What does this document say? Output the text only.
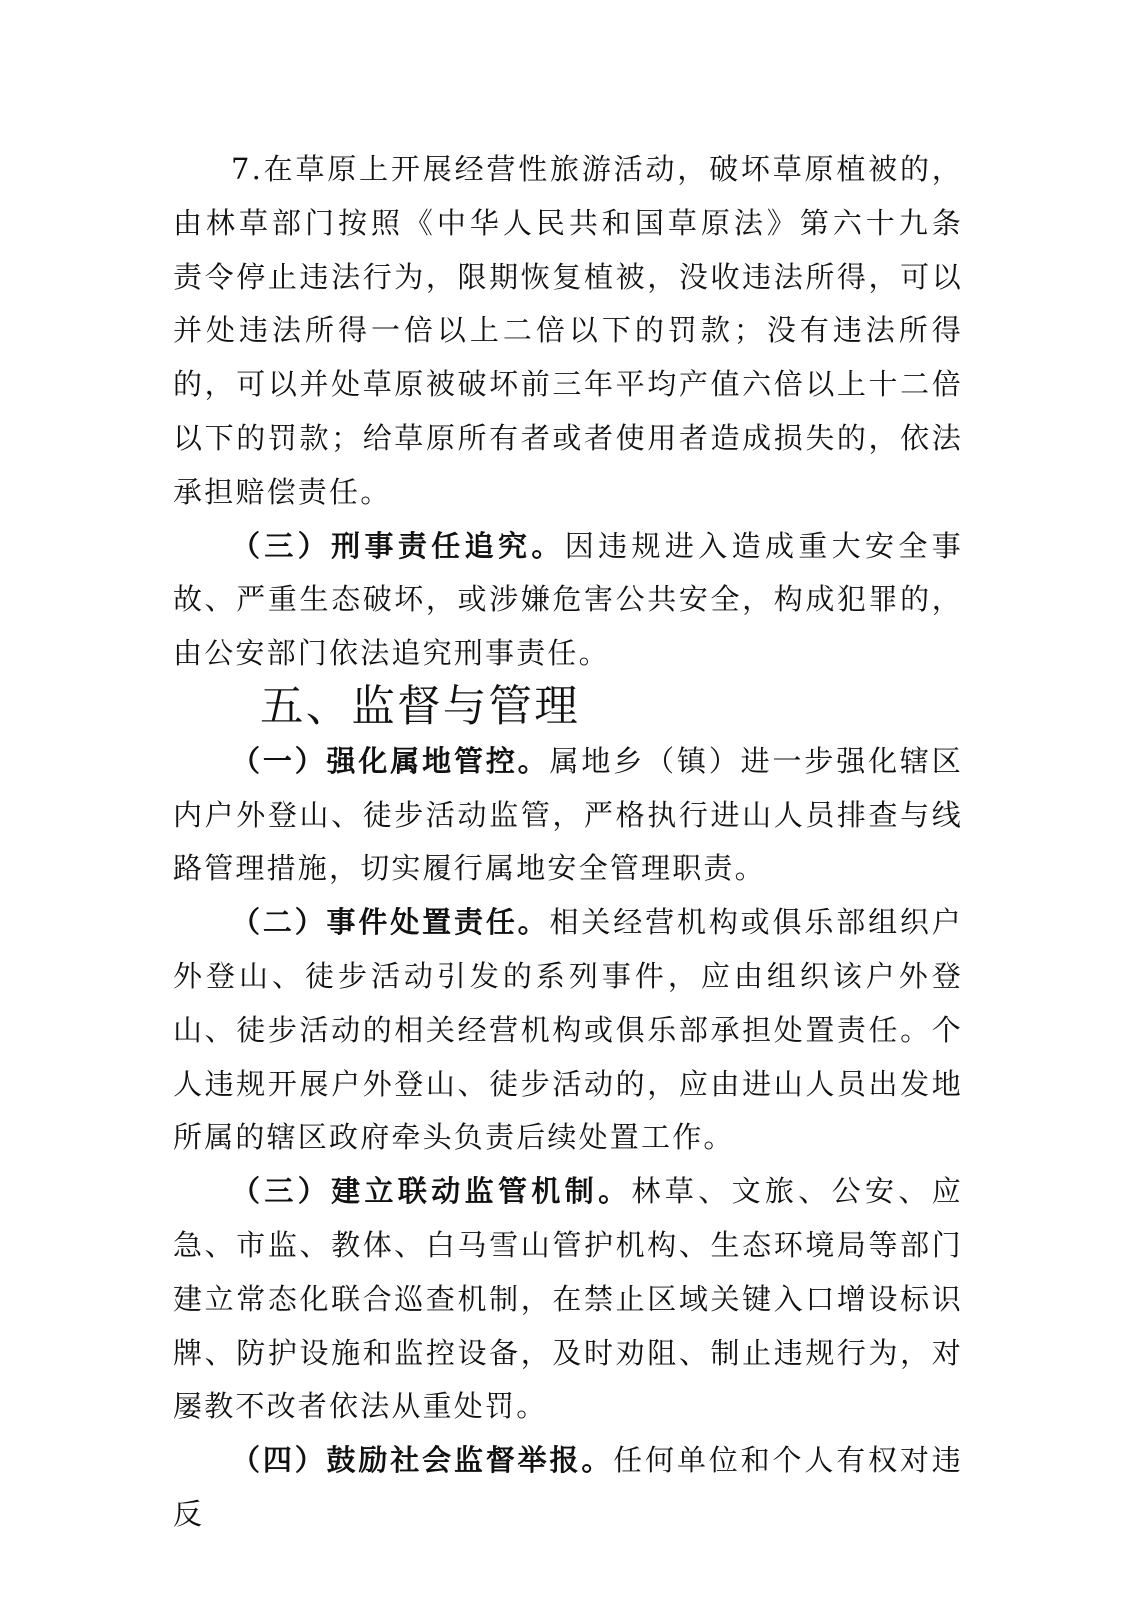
7.在草原上开展经营性旅游活动，破坏草原植被的，由林草部门按照《中华人民共和国草原法》第六十九条 责令停止违法行为，限期恢复植被，没收违法所得，可以并处违法所得一倍以上二倍以下的罚款；没有违法所得的，可以并处草原被破坏前三年平均产值六倍以上十二倍以下的罚款；给草原所有者或者使用者造成损失的，依法承担赔偿责任。

（三）刑事责任追究。因违规进入造成重大安全事故、严重生态破坏，或涉嫌危害公共安全，构成犯罪的，由公安部门依法追究刑事责任。

五、监督与管理

（一）强化属地管控。属地乡（镇）进一步强化辖区内户外登山、徒步活动监管，严格执行进山人员排查与线路管理措施，切实履行属地安全管理职责。

（二）事件处置责任。相关经营机构或俱乐部组织户外登山、徒步活动引发的系列事件，应由组织该户外登山、徒步活动的相关经营机构或俱乐部承担处置责任。个人违规开展户外登山、徒步活动的，应由进山人员出发地所属的辖区政府牵头负责后续处置工作。

（三）建立联动监管机制。林草、文旅、公安、应急、市监、教体、白马雪山管护机构、生态环境局等部门建立常态化联合巡查机制，在禁止区域关键入口增设标识牌、防护设施和监控设备，及时劝阻、制止违规行为，对屡教不改者依法从重处罚。

（四）鼓励社会监督举报。任何单位和个人有权对违反
